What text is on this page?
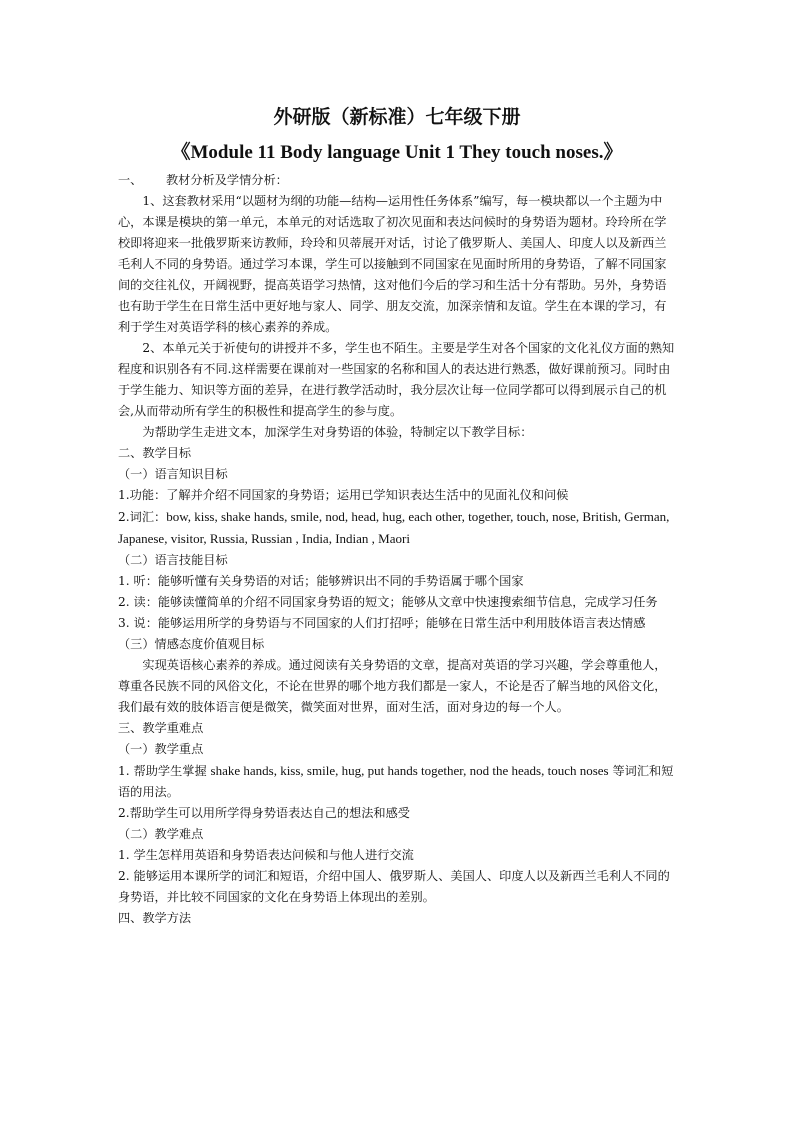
外研版（新标准）七年级下册
《Module 11 Body language Unit 1 They touch noses.》

一、 教材分析及学情分析：

1、这套教材采用“以题材为纲的功能—结构—运用性任务体系”编写，每一模块都以一个主题为中心，本课是模块的第一单元，本单元的对话选取了初次见面和表达问候时的身势语为题材。玲玲所在学校即将迎来一批俄罗斯来访教师，玲玲和贝蒂展开对话，讨论了俄罗斯人、美国人、印度人以及新西兰毛利人不同的身势语。通过学习本课，学生可以接触到不同国家在见面时所用的身势语，了解不同国家间的交往礼仪，开阔视野，提高英语学习热情，这对他们今后的学习和生活十分有帮助。另外，身势语也有助于学生在日常生活中更好地与家人、同学、朋友交流，加深亲情和友谊。学生在本课的学习，有利于学生对英语学科的核心素养的养成。

2、本单元关于祈使句的讲授并不多，学生也不陌生。主要是学生对各个国家的文化礼仪方面的熟知程度和识别各有不同.这样需要在课前对一些国家的名称和国人的表达进行熟悉，做好课前预习。同时由于学生能力、知识等方面的差异，在进行教学活动时，我分层次让每一位同学都可以得到展示自己的机会,从而带动所有学生的积极性和提高学生的参与度。

为帮助学生走进文本，加深学生对身势语的体验，特制定以下教学目标：

二、教学目标

（一）语言知识目标

1.功能：了解并介绍不同国家的身势语；运用已学知识表达生活中的见面礼仪和问候

2.词汇：bow, kiss, shake hands, smile, nod, head, hug, each other, together, touch, nose, British, German, Japanese, visitor, Russia, Russian , India, Indian , Maori

（二）语言技能目标

1. 听：能够听懂有关身势语的对话；能够辨识出不同的手势语属于哪个国家

2. 读：能够读懂简单的介绍不同国家身势语的短文；能够从文章中快速搜索细节信息，完成学习任务

3. 说：能够运用所学的身势语与不同国家的人们打招呼；能够在日常生活中利用肢体语言表达情感

（三）情感态度价值观目标

实现英语核心素养的养成。通过阅读有关身势语的文章，提高对英语的学习兴趣，学会尊重他人，尊重各民族不同的风俗文化，不论在世界的哪个地方我们都是一家人，不论是否了解当地的风俗文化，我们最有效的肢体语言便是微笑，微笑面对世界，面对生活，面对身边的每一个人。

三、教学重难点

（一）教学重点

1. 帮助学生掌握 shake hands, kiss, smile, hug, put hands together, nod the heads, touch noses 等词汇和短语的用法。

2.帮助学生可以用所学得身势语表达自己的想法和感受

（二）教学难点

1. 学生怎样用英语和身势语表达问候和与他人进行交流

2. 能够运用本课所学的词汇和短语，介绍中国人、俄罗斯人、美国人、印度人以及新西兰毛利人不同的身势语，并比较不同国家的文化在身势语上体现出的差别。

四、教学方法
